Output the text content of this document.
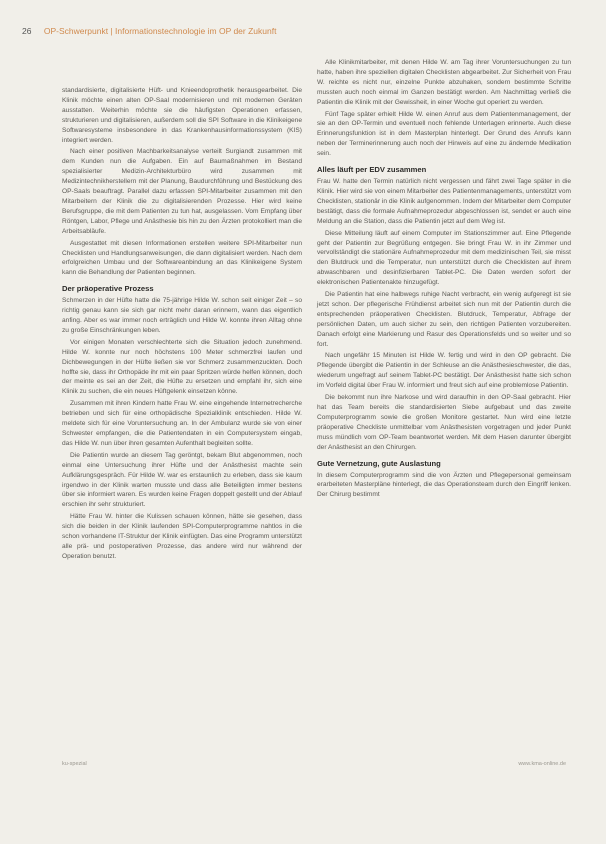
26 OP-Schwerpunkt | Informationstechnologie im OP der Zukunft

standardisierte, digitalisierte Hüft- und Knieendoprothetik herausgearbeitet. Die Klinik möchte einen alten OP-Saal modernisieren und mit modernen Geräten ausstatten. Weiterhin möchte sie die häufigsten Operationen erfassen, strukturieren und digitalisieren, außerdem soll die SPI Software in die Klinikeigene Softwaresysteme insbesondere in das Krankenhausinformationssystem (KIS) integriert werden.

Nach einer positiven Machbarkeitsanalyse verteilt Surgiandt zusammen mit dem Kunden nun die Aufgaben. Ein auf Baumaßnahmen im Bestand spezialisierter Medizin-Architekturbüro wird zusammen mit Medizintechnikherstellern mit der Planung, Baudurchführung und Bestückung des OP-Saals beauftragt. Parallel dazu erfassen SPI-Mitarbeiter zusammen mit den Mitarbeitern der Klinik die zu digitalisierenden Prozesse. Hier wird keine Berufsgruppe, die mit dem Patienten zu tun hat, ausgelassen. Vom Empfang über Röntgen, Labor, Pflege und Anästhesie bis hin zu den Ärzten protokolliert man die Arbeitsabläufe.

Ausgestattet mit diesen Informationen erstellen weitere SPI-Mitarbeiter nun Checklisten und Handlungsanweisungen, die dann digitalisiert werden. Nach dem erfolgreichen Umbau und der Softwareanbindung an das Klinikeigene System kann die Behandlung der Patienten beginnen.

Der präoperative Prozess

Schmerzen in der Hüfte hatte die 75-jährige Hilde W. schon seit einiger Zeit – so richtig genau kann sie sich gar nicht mehr daran erinnern, wann das eigentlich anfing. Aber es war immer noch erträglich und Hilde W. konnte ihren Alltag ohne zu große Einschränkungen leben.

Vor einigen Monaten verschlechterte sich die Situation jedoch zunehmend. Hilde W. konnte nur noch höchstens 100 Meter schmerzfrei laufen und Dichbewegungen in der Hüfte ließen sie vor Schmerz zusammenzuckten. Doch hoffte sie, dass ihr Orthopäde ihr mit ein paar Spritzen würde helfen können, doch der meinte es sei an der Zeit, die Hüfte zu ersetzen und empfahl ihr, sich eine Klinik zu suchen, die ein neues Hüftgelenk einsetzen könne.

Zusammen mit ihren Kindern hatte Frau W. eine eingehende Internetrecherche betrieben und sich für eine orthopädische Spezialklinik entschieden. Hilde W. meldete sich für eine Voruntersuchung an. In der Ambulanz wurde sie von einer Schwester empfangen, die die Patientendaten in ein Computersystem eingab, das Hilde W. nun über ihren gesamten Aufenthalt begleiten sollte.

Die Patientin wurde an diesem Tag geröntgt, bekam Blut abgenommen, noch einmal eine Untersuchung ihrer Hüfte und der Anästhesist machte sein Aufklärungsgespräch. Für Hilde W. war es erstaunlich zu erleben, dass sie kaum irgendwo in der Klinik warten musste und dass alle Beteiligten immer bestens über sie informiert waren. Es wurden keine Fragen doppelt gestellt und der Ablauf erschien ihr sehr strukturiert.

Hätte Frau W. hinter die Kulissen schauen können, hätte sie gesehen, dass sich die beiden in der Klinik laufenden SPI-Computerprogramme nahtlos in die schon vorhandene IT-Struktur der Klinik einfügten. Das eine Programm unterstützt alle prä- und postoperativen Prozesse, das andere wird nur während der Operation benutzt.

Alle Klinikmitarbeiter, mit denen Hilde W. am Tag ihrer Voruntersuchungen zu tun hatte, haben ihre speziellen digitalen Checklisten abgearbeitet. Zur Sicherheit von Frau W. reichte es nicht nur, einzelne Punkte abzuhaken, sondern bestimmte Schritte mussten auch noch einmal im Ganzen bestätigt werden. Am Nachmittag verließ die Patientin die Klinik mit der Gewissheit, in einer Woche gut operiert zu werden.

Fünf Tage später erhielt Hilde W. einen Anruf aus dem Patientenmanagement, der sie an den OP-Termin und eventuell noch fehlende Unterlagen erinnerte. Auch diese Erinnerungsfunktion ist in dem Masterplan hinterlegt. Der Grund des Anrufs kann neben der Terminerinnerung auch noch der Hinweis auf eine zu ändernde Medikation sein.

Alles läuft per EDV zusammen

Frau W. hatte den Termin natürlich nicht vergessen und fährt zwei Tage später in die Klinik. Hier wird sie von einem Mitarbeiter des Patientenmanagements, unterstützt vom Checklisten, stationär in die Klinik aufgenommen. Indem der Mitarbeiter dem Computer bestätigt, dass die formale Aufnahmeprozedur abgeschlossen ist, sendet er auch eine Meldung an die Station, dass die Patientin jetzt auf dem Weg ist.

Diese Mitteilung läuft auf einem Computer im Stationszimmer auf. Eine Pflegende geht der Patientin zur Begrüßung entgegen. Sie bringt Frau W. in ihr Zimmer und vervollständigt die stationäre Aufnahmeprozedur mit dem medizinischen Teil, sie misst den Blutdruck und die Temperatur, nun unterstützt durch die Checklisten auf ihrem abwaschbaren und desinfizierbaren Tablet-PC. Die Daten werden sofort der elektronischen Patientenakte hinzugefügt.

Die Patientin hat eine halbwegs ruhige Nacht verbracht, ein wenig aufgeregt ist sie jetzt schon. Der pflegerische Frühdienst arbeitet sich nun mit der Patientin durch die entsprechenden präoperativen Checklisten. Blutdruck, Temperatur, Abfrage der persönlichen Daten, um auch sicher zu sein, den richtigen Patienten vorzubereiten. Danach erfolgt eine Markierung und Rasur des Operationsfelds und so weiter und so fort.

Nach ungefähr 15 Minuten ist Hilde W. fertig und wird in den OP gebracht. Die Pflegende übergibt die Patientin in der Schleuse an die Anästhesieschwester, die das, wiederum ungefragt auf seinem Tablet-PC bestätigt. Der Anästhesist hatte sich schon im Vorfeld digital über Frau W. informiert und freut sich auf eine problemlose Patientin.

Die bekommt nun ihre Narkose und wird daraufhin in den OP-Saal gebracht. Hier hat das Team bereits die standardisierten Siebe aufgebaut und das zweite Computerprogramm sowie die großen Monitore gestartet. Nun wird eine letzte präoperative Checkliste unmittelbar vom Anästhesisten vorgetragen und jeder Punkt muss mündlich vom OP-Team beantwortet werden. Mit dem Hasen darunter übergibt der Anästhesist an den Chirurgen.

Gute Vernetzung, gute Auslastung

In diesem Computerprogramm sind die von Ärzten und Pflegepersonal gemeinsam erarbeiteten Masterpläne hinterlegt, die das Operationsteam durch den Eingriff lenken. Der Chirurg bestimmt

ku-spezial	www.kma-online.de
